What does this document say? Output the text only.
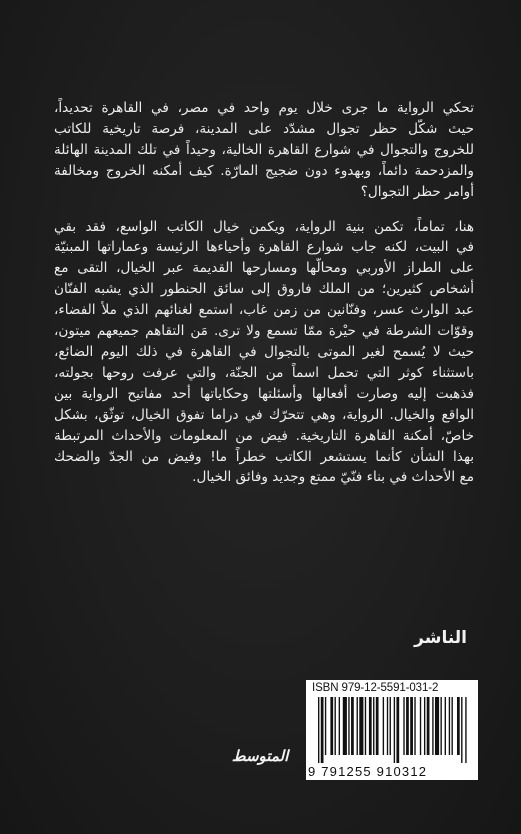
تحكي الرواية ما جرى خلال يوم واحد في مصر، في القاهرة تحديداً،
حيث شكّل حظر تجوال مشدّد على المدينة، فرصة تاريخية للكاتب
للخروج والتجوال في شوارع القاهرة الخالية، وحيداً في تلك المدينة الهائلة
والمزدحمة دائماً، وبهدوء دون ضجيج المارّة. كيف أمكنه الخروج ومخالفة
أوامر حظر التجوال؟
هنا، تماماً، تكمن بنية الرواية، ويكمن خيال الكاتب الواسع، فقد بقي
في البيت، لكنه جاب شوارع القاهرة وأحياءها الرئيسة وعماراتها المبنيّة
على الطراز الأوربي ومحالّها ومسارحها القديمة عبر الخيال، التقى مع
أشخاص كثيرين؛ من الملك فاروق إلى سائق الحنطور الذي يشبه الفنّان
عبد الوارث عسر، وفنّانين من زمن غاب، استمع لغنائهم الذي ملأ الفضاء،
وقوّات الشرطة في حيْرة ممّا تسمع ولا ترى. مَن التقاهم جميعهم ميتون،
حيث لا يُسمح لغير الموتى بالتجوال في القاهرة في ذلك اليوم الضائع،
باستثناء كوثر التي تحمل اسماً من الجنّة، والتي عرفت روحها بجولته،
فذهبت إليه وصارت أفعالها وأسئلتها وحكاياتها أحد مفاتيح الرواية بين
الواقع والخيال. الرواية، وهي تتحرّك في دراما تفوق الخيال، توثّق، بشكل
خاصّ، أمكنة القاهرة التاريخية. فيض من المعلومات والأحداث المرتبطة
بهذا الشأن كأنما يستشعر الكاتب خطراً ما! وفيض من الجدّ والضحك
مع الأحداث في بناء فنّيّ ممتع وجديد وفائق الخيال.
الناشر
ISBN 979-12-5591-031-2
9 791255 910312
المتوسط
